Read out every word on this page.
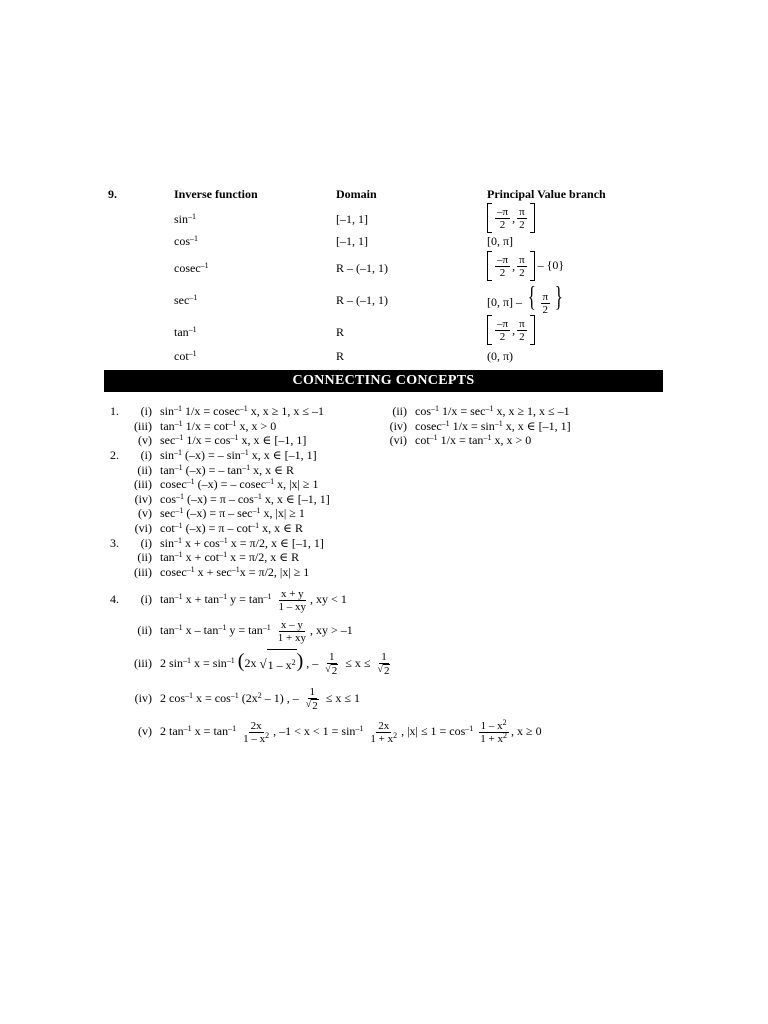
9.	Inverse function	Domain	Principal Value branch
$\sin^{-1}$	[–1, 1]	$\frac{-\pi}{2}$ , $\frac{\pi}{2}$
$\cos^{-1}$	[–1, 1]	[0, π]
cosec$^{-1}$	R – (–1, 1)	$\frac{-\pi}{2}$ , $\frac{\pi}{2} - \{0\}$
$\sec^{-1}$	R – (–1, 1)	[0, π] – { $\frac{\pi}{2}$ }
$\tan^{-1}$	R	$\frac{-\pi}{2}$ , $\frac{\pi}{2}$
$\cot^{-1}$	R	(0, π)
CONNECTING CONCEPTS
1.	(i) $\sin^{-1} 1/x = cosec^{-1}$ x, x ≥ 1, x ≤ –1	(ii) $\cos^{-1} 1/x = \sec^{-1} x$, x ≥ 1, x ≤ –1
(iii) $\tan^{-1} 1/x = \cot^{-1} x$, x > 0	(iv) cosec$^{-1}$ $1/x = \sin^{-1} x$, x ∈ [–1, 1]
(v) $\sec^{-1} 1/x = \cos^{-1} x$, x ∈ [–1, 1]	(vi) $\cot^{-1} 1/x = \tan^{-1} x$, x > 0
2.	(i) $\sin^{-1} (-x)$ = – $\sin^{-1} x$, x ∈ [–1, 1]
(ii) $\tan^{-1} (-x)$ = – $\tan^{-1} x$, x ∈ R
(iii) cosec$^{-1}$ (–x) = – cosec$^{-1}$ x, |x| ≥ 1
(iv) $\cos^{-1} (-x) = \pi - \cos^{-1} x$, x ∈ [–1, 1]
(v) $\sec^{-1} (-x) = \pi - \sec^{-1} x$, |x| ≥ 1
(vi) $\cot^{-1} (-x) = \pi - \cot^{-1} x$, x ∈ R
3.	(i) $\sin^{-1} x + \cos^{-1} x = \pi/2$, x ∈ [–1, 1]
(ii) $\tan^{-1} x + \cot^{-1} x = \pi/2$, x ∈ R
(iii) cosec$^{-1}$ $x + \sec^{-1}x = \pi/2$, |x| ≥ 1
4.	(i) $\tan^{-1} x + \tan^{-1} y = \tan^{-1} \frac{x + y}{1 - xy}$ , xy < 1
(ii) $\tan^{-1} x - \tan^{-1} y = \tan^{-1} \frac{x - y}{1 + xy}$ , xy > –1
(iii) 2 $\sin^{-1} x = \sin^{-1} (2x$ √ $1 - x^2$ ) , – $\frac{1}{√ 2} \le x \le \frac{1}{√ 2}$
(iv) 2 $\cos^{-1} x = \cos^{-1} (2x^2 - 1)$ , – $\frac{1}{√ 2} \le x \le 1$
(v) 2 $\tan^{-1} x = \tan^{-1} \frac{2x}{1 - x^2}$ , $-1 < x < 1 = \sin^{-1} \frac{2x}{1 + x^2}$ , $|x| \le 1 = \cos^{-1} \frac{1 - x^2}{1 + x^2}$ , x ≥ 0
